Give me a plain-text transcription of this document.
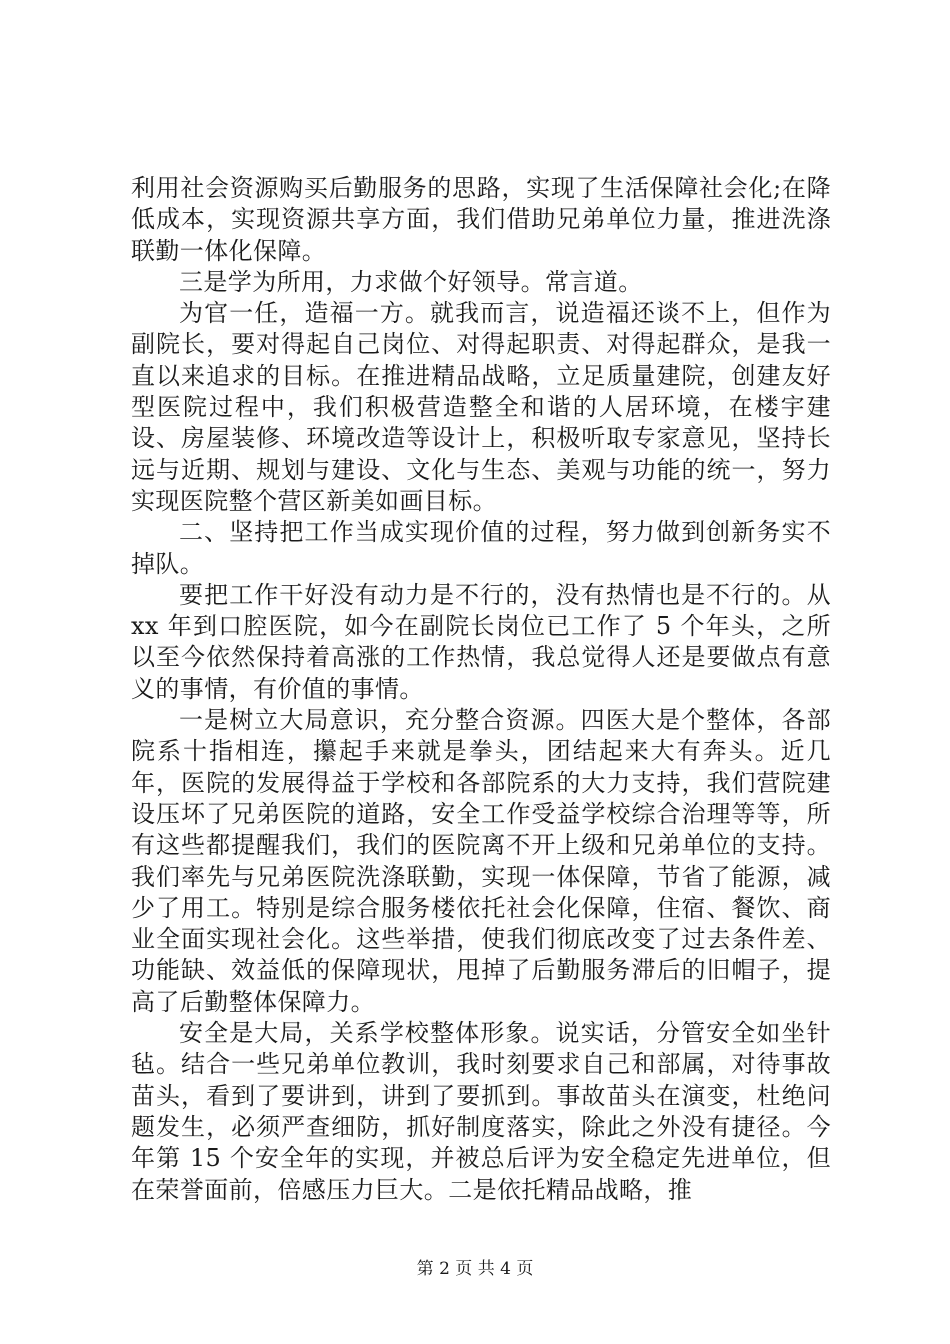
利用社会资源购买后勤服务的思路，实现了生活保障社会化;在降低成本，实现资源共享方面，我们借助兄弟单位力量，推进洗涤联勤一体化保障。

三是学为所用，力求做个好领导。常言道。

为官一任，造福一方。就我而言，说造福还谈不上，但作为副院长，要对得起自己岗位、对得起职责、对得起群众，是我一直以来追求的目标。在推进精品战略，立足质量建院，创建友好型医院过程中，我们积极营造整全和谐的人居环境，在楼宇建设、房屋装修、环境改造等设计上，积极听取专家意见，坚持长远与近期、规划与建设、文化与生态、美观与功能的统一，努力实现医院整个营区新美如画目标。

二、坚持把工作当成实现价值的过程，努力做到创新务实不掉队。

要把工作干好没有动力是不行的，没有热情也是不行的。从 xx 年到口腔医院，如今在副院长岗位已工作了 5 个年头，之所以至今依然保持着高涨的工作热情，我总觉得人还是要做点有意义的事情，有价值的事情。

一是树立大局意识，充分整合资源。四医大是个整体，各部院系十指相连，攥起手来就是拳头，团结起来大有奔头。近几年，医院的发展得益于学校和各部院系的大力支持，我们营院建设压坏了兄弟医院的道路，安全工作受益学校综合治理等等，所有这些都提醒我们，我们的医院离不开上级和兄弟单位的支持。我们率先与兄弟医院洗涤联勤，实现一体保障，节省了能源，减少了用工。特别是综合服务楼依托社会化保障，住宿、餐饮、商业全面实现社会化。这些举措，使我们彻底改变了过去条件差、功能缺、效益低的保障现状，甩掉了后勤服务滞后的旧帽子，提高了后勤整体保障力。

安全是大局，关系学校整体形象。说实话，分管安全如坐针毡。结合一些兄弟单位教训，我时刻要求自己和部属，对待事故苗头，看到了要讲到，讲到了要抓到。事故苗头在演变，杜绝问题发生，必须严查细防，抓好制度落实，除此之外没有捷径。今年第 15 个安全年的实现，并被总后评为安全稳定先进单位，但在荣誉面前，倍感压力巨大。二是依托精品战略，推

第 2 页 共 4 页
